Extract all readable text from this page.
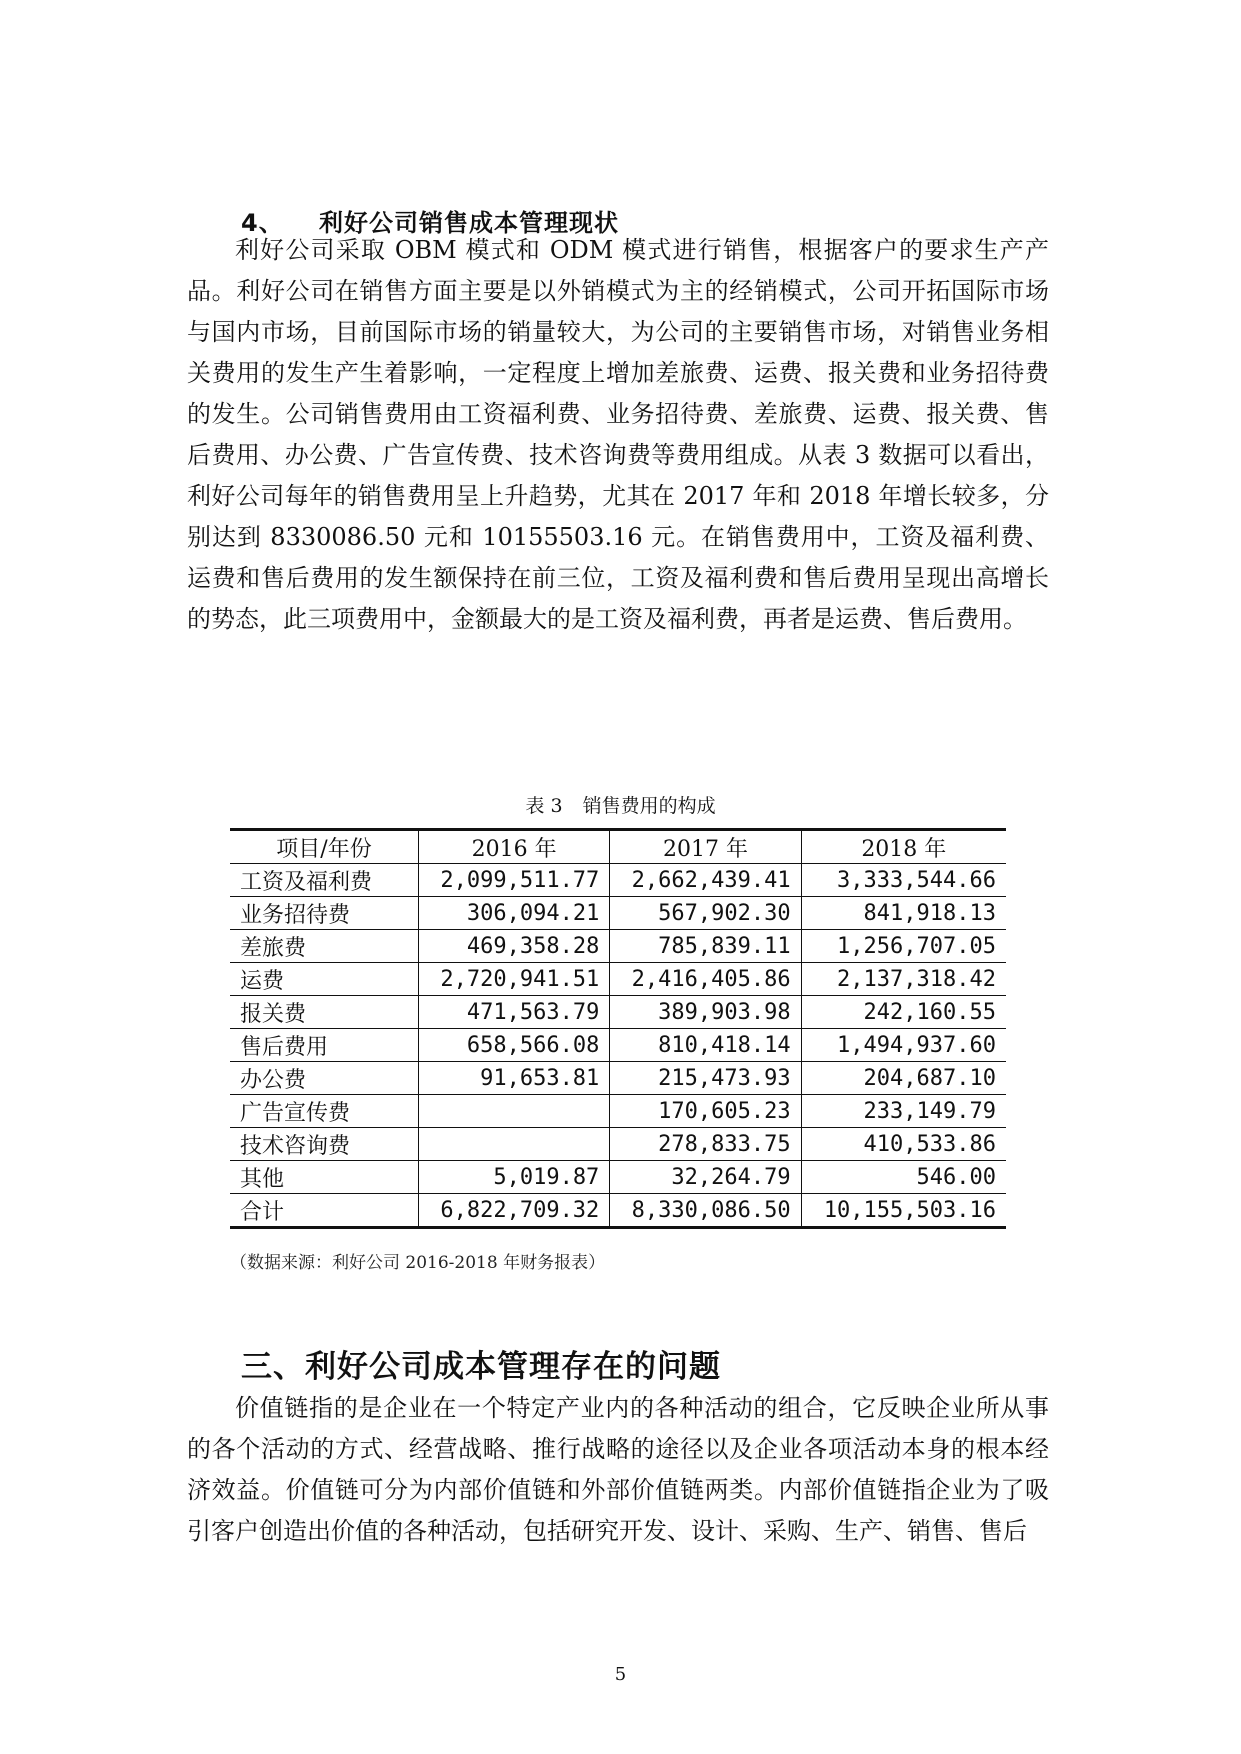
4、 利好公司销售成本管理现状

利好公司采取 OBM 模式和 ODM 模式进行销售，根据客户的要求生产产品。利好公司在销售方面主要是以外销模式为主的经销模式，公司开拓国际市场与国内市场，目前国际市场的销量较大，为公司的主要销售市场，对销售业务相关费用的发生产生着影响，一定程度上增加差旅费、运费、报关费和业务招待费的发生。公司销售费用由工资福利费、业务招待费、差旅费、运费、报关费、售后费用、办公费、广告宣传费、技术咨询费等费用组成。从表 3 数据可以看出，利好公司每年的销售费用呈上升趋势，尤其在 2017 年和 2018 年增长较多，分别达到 8330086.50 元和 10155503.16 元。在销售费用中，工资及福利费、运费和售后费用的发生额保持在前三位，工资及福利费和售后费用呈现出高增长的势态，此三项费用中，金额最大的是工资及福利费，再者是运费、售后费用。

表 3 销售费用的构成
项目/年份	2016 年	2017 年	2018 年
工资及福利费	2,099,511.77	2,662,439.41	3,333,544.66
业务招待费	306,094.21	567,902.30	841,918.13
差旅费	469,358.28	785,839.11	1,256,707.05
运费	2,720,941.51	2,416,405.86	2,137,318.42
报关费	471,563.79	389,903.98	242,160.55
售后费用	658,566.08	810,418.14	1,494,937.60
办公费	91,653.81	215,473.93	204,687.10
广告宣传费		170,605.23	233,149.79
技术咨询费		278,833.75	410,533.86
其他	5,019.87	32,264.79	546.00
合计	6,822,709.32	8,330,086.50	10,155,503.16
（数据来源：利好公司 2016-2018 年财务报表）
三、利好公司成本管理存在的问题

价值链指的是企业在一个特定产业内的各种活动的组合，它反映企业所从事的各个活动的方式、经营战略、推行战略的途径以及企业各项活动本身的根本经济效益。价值链可分为内部价值链和外部价值链两类。内部价值链指企业为了吸引客户创造出价值的各种活动，包括研究开发、设计、采购、生产、销售、售后

5
